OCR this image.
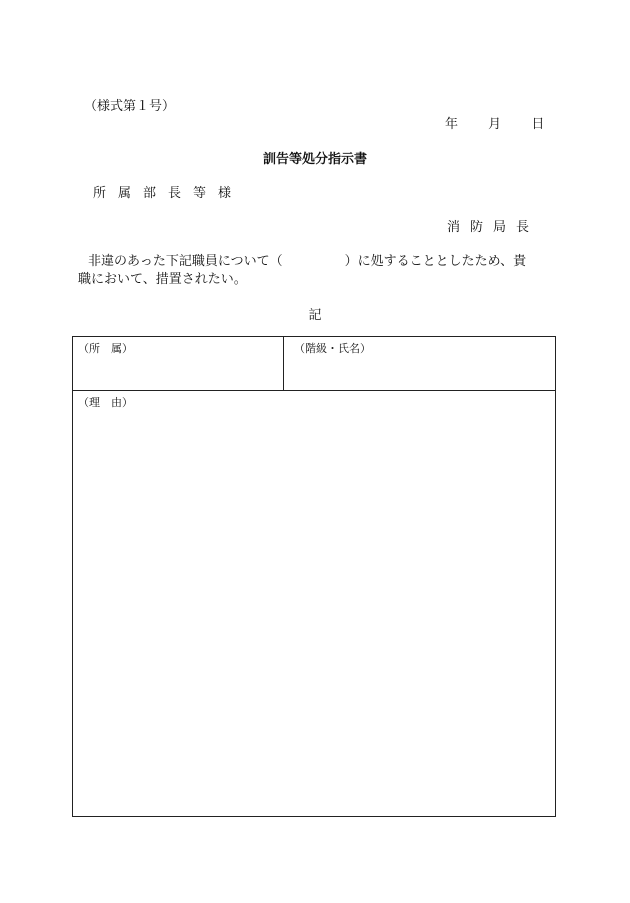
（様式第１号）
年 月 日
訓告等処分指示書
所属部長等様
消防局長
非違のあった下記職員について（	）に処することとしたため、貴
職において、措置されたい。
記
（所　属）	（階級・氏名）
（理　由）
